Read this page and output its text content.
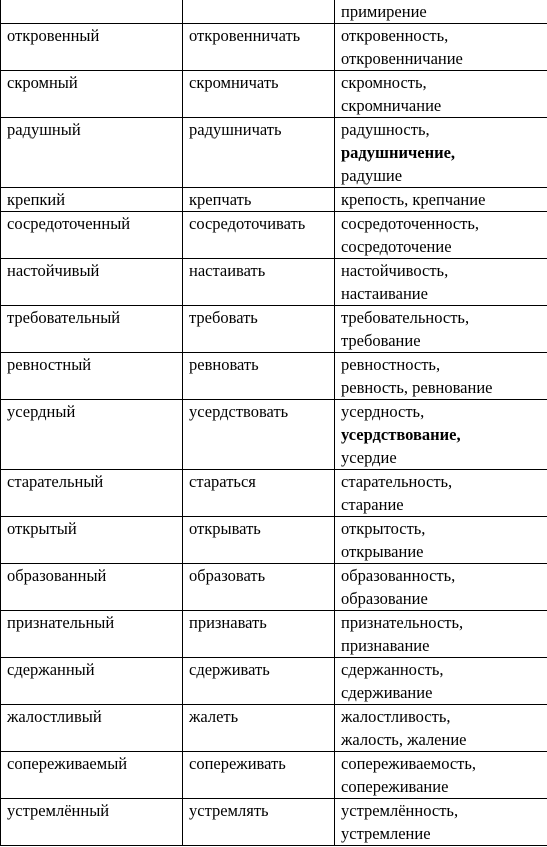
		примирение

откровенный	откровенничать	откровенность,
откровенничание

скромный	скромничать	скромность,
скромничание

радушный	радушничать	радушность,
радушничение,
радушие

крепкий	крепчать	крепость, крепчание

сосредоточенный	сосредоточивать	сосредоточенность,
сосредоточение

настойчивый	настаивать	настойчивость,
настаивание

требовательный	требовать	требовательность,
требование

ревностный	ревновать	ревностность,
ревность, ревнование

усердный	усердствовать	усердность,
усердствование,
усердие

старательный	стараться	старательность,
старание

открытый	открывать	открытость,
открывание

образованный	образовать	образованность,
образование

признательный	признавать	признательность,
признавание

сдержанный	сдерживать	сдержанность,
сдерживание

жалостливый	жалеть	жалостливость,
жалость, жаление

сопереживаемый	сопереживать	сопереживаемость,
сопереживание

устремлённый	устремлять	устремлённость,
устремление
